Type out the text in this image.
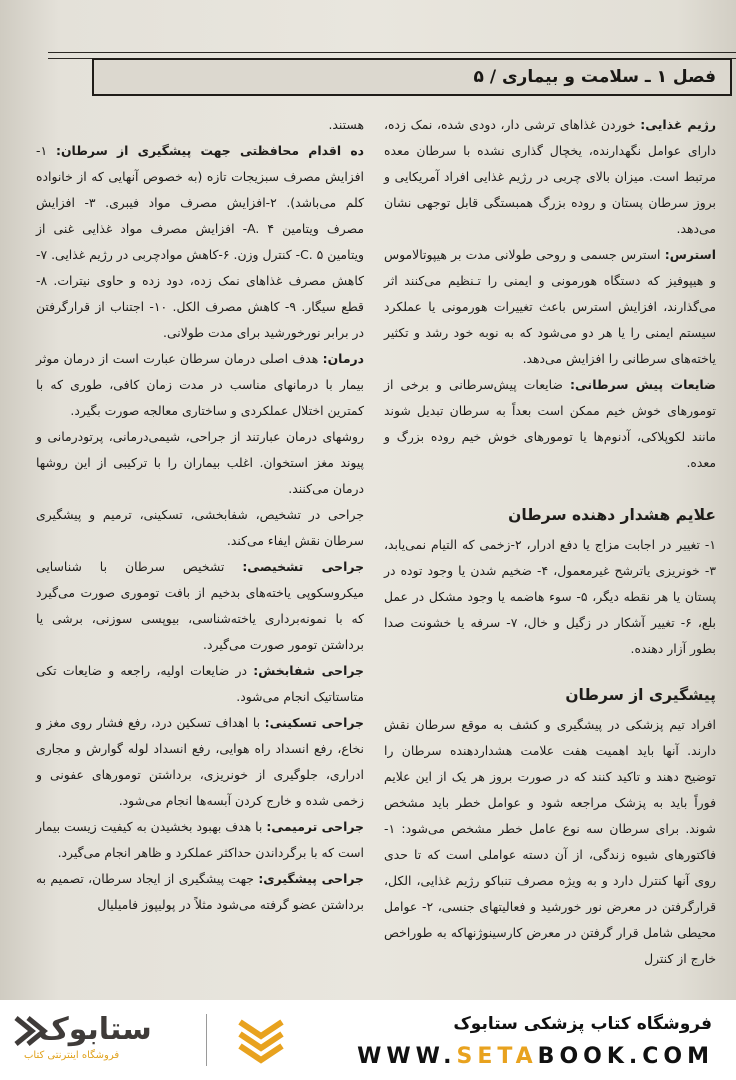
فصل ۱ ـ سلامت و بیماری / ۵

رژیم غذایی: خوردن غذاهای ترشی دار، دودی شده، نمک زده، دارای عوامل نگهدارنده، یخچال گذاری نشده با سرطان معده مرتبط است. میزان بالای چربی در رژیم غذایی افراد آمریکایی و بروز سرطان پستان و روده بزرگ همبستگی قابل توجهی نشان می‌دهد.

استرس: استرس جسمی و روحی طولانی مدت بر هیپوتالاموس و هیپوفیز که دستگاه هورمونی و ایمنی را تـنظیم می‌کنند اثر می‌گذارند، افزایش استرس باعث تغییرات هورمونی یا عملکرد سیستم ایمنی را یا هر دو می‌شود که به نوبه خود رشد و تکثیر یاخته‌های سرطانی را افزایش می‌دهد.

ضایعات پیش سرطانی: ضایعات پیش‌سرطانی و برخی از تومورهای خوش خیم ممکن است بعداً به سرطان تبدیل شوند مانند لکوپلاکی، آدنوم‌ها یا تومورهای خوش خیم روده بزرگ و معده.

علایم هشدار دهنده سرطان

۱- تغییر در اجابت مزاج یا دفع ادرار، ۲-زخمی که التیام نمی‌یابد، ۳- خونریزی یاترشح غیرمعمول، ۴- ضخیم شدن یا وجود توده در پستان یا هر نقطه دیگر، ۵- سوء هاضمه یا وجود مشکل در عمل بلع، ۶- تغییر آشکار در زگیل و خال، ۷- سرفه یا خشونت صدا بطور آزار دهنده.

پیشگیری از سرطان

افراد تیم پزشکی در پیشگیری و کشف به موقع سرطان نقش دارند. آنها باید اهمیت هفت علامت هشداردهنده سرطان را توضیح دهند و تاکید کنند که در صورت بروز هر یک از این علایم فوراً باید به پزشک مراجعه شود و عوامل خطر باید مشخص شوند. برای سرطان سه نوع عامل خطر مشخص می‌شود: ۱- فاکتورهای شیوه زندگی، از آن دسته عواملی است که تا حدی روی آنها کنترل دارد و به ویژه مصرف تنباکو رژیم غذایی، الکل، قرارگرفتن در معرض نور خورشید و فعالیتهای جنسی، ۲- عوامل محیطی شامل قرار گرفتن در معرض کارسینوژنهاکه به طوراخص خارج از کنترل

هستند.

ده اقدام محافظتی جهت پیشگیری از سرطان: ۱- افزایش مصرف سبزیجات تازه (به خصوص آنهایی که از خانواده کلم می‌باشد). ۲-افزایش مصرف مواد فیبری. ۳- افزایش مصرف ویتامین A. ۴- افزایش مصرف مواد غذایی غنی از ویتامین C. ۵- کنترل وزن. ۶-کاهش موادچربی در رژیم غذایی. ۷-کاهش مصرف غذاهای نمک زده، دود زده و حاوی نیترات. ۸- قطع سیگار. ۹- کاهش مصرف الکل. ۱۰- اجتناب از قرارگرفتن در برابر نورخورشید برای مدت طولانی.

درمان: هدف اصلی درمان سرطان عبارت است از درمان موثر بیمار با درمانهای مناسب در مدت زمان کافی، طوری که با کمترین اختلال عملکردی و ساختاری معالجه صورت بگیرد.

روشهای درمان عبارتند از جراحی، شیمی‌درمانی، پرتودرمانی و پیوند مغز استخوان. اغلب بیماران را با ترکیبی از این روشها درمان می‌کنند.

جراحی در تشخیص، شفابخشی، تسکینی، ترمیم و پیشگیری سرطان نقش ایفاء می‌کند.

جراحی تشخیصی: تشخیص سرطان با شناسایی میکروسکوپی یاخته‌های بدخیم از بافت توموری صورت می‌گیرد که با نمونه‌برداری یاخته‌شناسی، بیوپسی سوزنی، برشی یا برداشتن تومور صورت می‌گیرد.

جراحی شفابخش: در ضایعات اولیه، راجعه و ضایعات تکی متاستاتیک انجام می‌شود.

جراحی تسکینی: با اهداف تسکین درد، رفع فشار روی مغز و نخاع، رفع انسداد راه هوایی، رفع انسداد لوله گوارش و مجاری ادراری، جلوگیری از خونریزی، برداشتن تومورهای عفونی و زخمی شده و خارج کردن آبسه‌ها انجام می‌شود.

جراحی ترمیمی: با هدف بهبود بخشیدن به کیفیت زیست بیمار است که با برگرداندن حداکثر عملکرد و ظاهر انجام می‌گیرد.

جراحی پیشگیری: جهت پیشگیری از ایجاد سرطان، تصمیم به برداشتن عضو گرفته می‌شود مثلاً در پولیپوز فامیلیال

ستابوک
فروشگاه اینترنتی کتاب
فروشگاه کتاب پزشکی ستابوک
WWW.SETABOOK.COM
